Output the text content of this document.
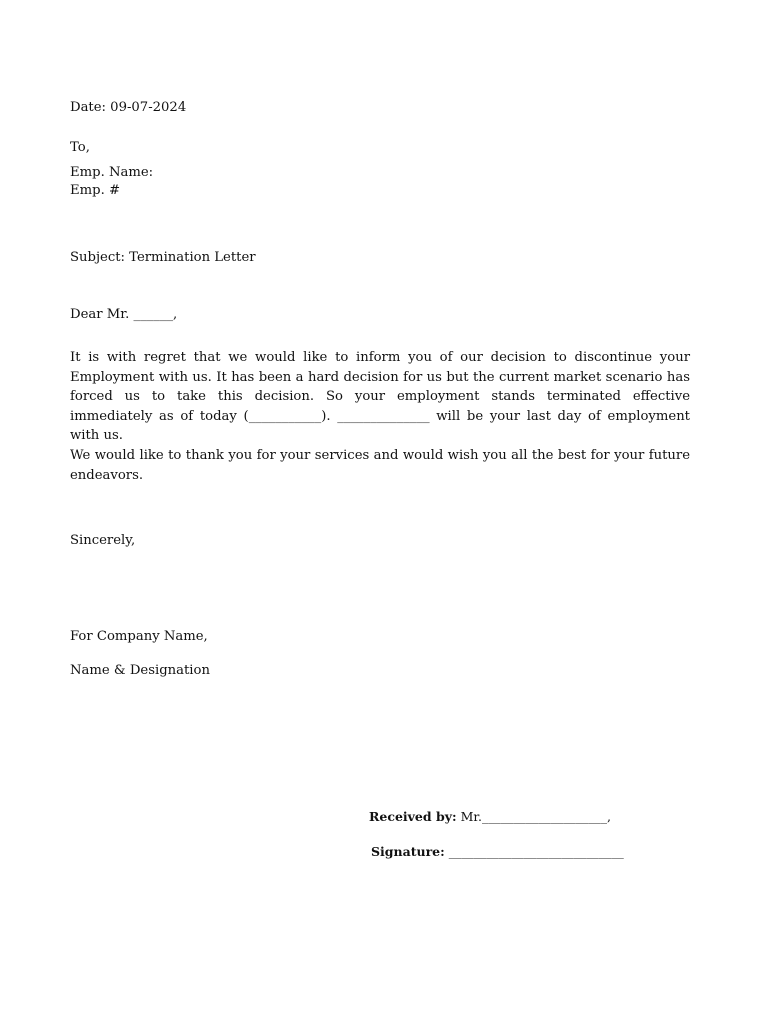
Date: 09-07-2024

To,

Emp. Name:

Emp. #

Subject: Termination Letter

Dear Mr. ______,

It is with regret that we would like to inform you of our decision to discontinue your Employment with us. It has been a hard decision for us but the current market scenario has forced us to take this decision. So your employment stands terminated effective immediately as of today (___________). ______________ will be your last day of employment with us.

We would like to thank you for your services and would wish you all the best for your future endeavors.

Sincerely,

For Company Name,

Name & Designation

Received by: Mr.____________________,
Signature: ____________________________
